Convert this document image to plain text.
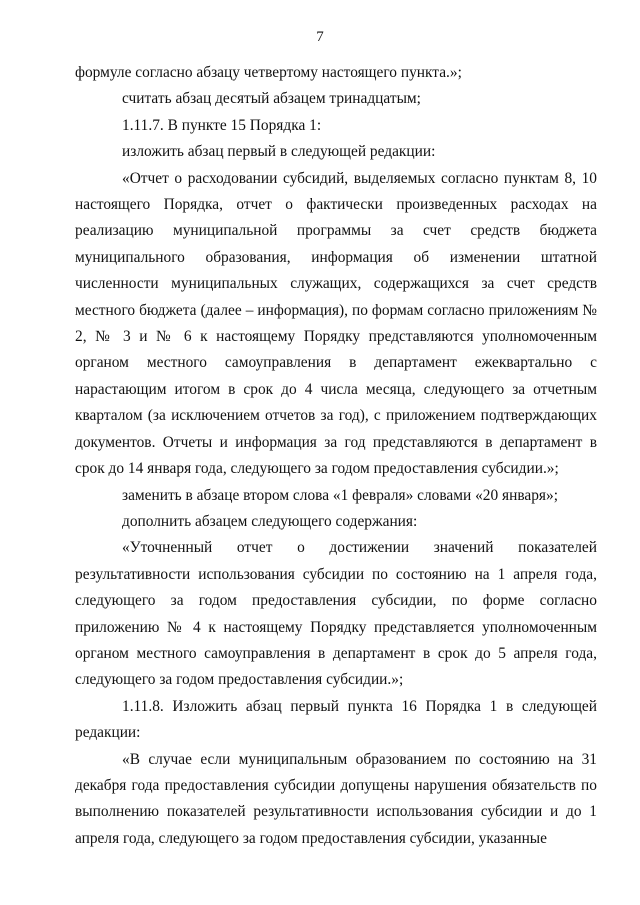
7

формуле согласно абзацу четвертому настоящего пункта.»;

считать абзац десятый абзацем тринадцатым;

1.11.7. В пункте 15 Порядка 1:

изложить абзац первый в следующей редакции:

«Отчет о расходовании субсидий, выделяемых согласно пунктам 8, 10 настоящего Порядка, отчет о фактически произведенных расходах на реализацию муниципальной программы за счет средств бюджета муниципального образования, информация об изменении штатной численности муниципальных служащих, содержащихся за счет средств местного бюджета (далее – информация), по формам согласно приложениям № 2, № 3 и № 6 к настоящему Порядку представляются уполномоченным органом местного самоуправления в департамент ежеквартально с нарастающим итогом в срок до 4 числа месяца, следующего за отчетным кварталом (за исключением отчетов за год), с приложением подтверждающих документов. Отчеты и информация за год представляются в департамент в срок до 14 января года, следующего за годом предоставления субсидии.»;

заменить в абзаце втором слова «1 февраля» словами «20 января»;

дополнить абзацем следующего содержания:

«Уточненный отчет о достижении значений показателей результативности использования субсидии по состоянию на 1 апреля года, следующего за годом предоставления субсидии, по форме согласно приложению № 4 к настоящему Порядку представляется уполномоченным органом местного самоуправления в департамент в срок до 5 апреля года, следующего за годом предоставления субсидии.»;

1.11.8. Изложить абзац первый пункта 16 Порядка 1 в следующей редакции:

«В случае если муниципальным образованием по состоянию на 31 декабря года предоставления субсидии допущены нарушения обязательств по выполнению показателей результативности использования субсидии и до 1 апреля года, следующего за годом предоставления субсидии, указанные
